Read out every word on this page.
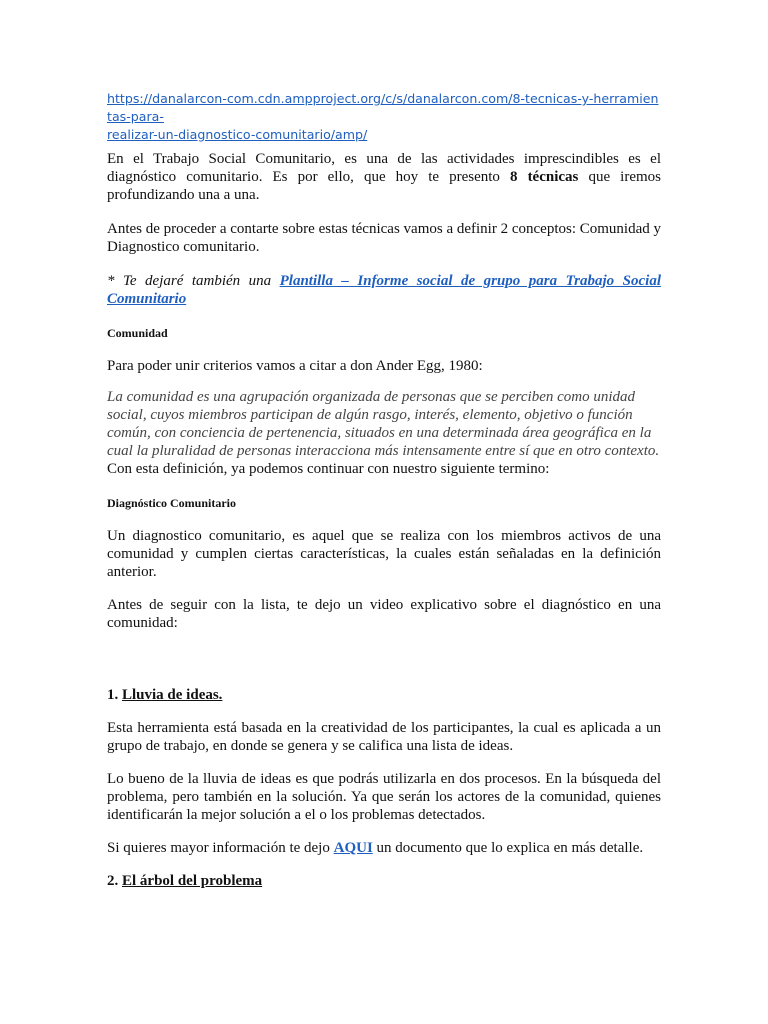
https://danalarcon-com.cdn.ampproject.org/c/s/danalarcon.com/8-tecnicas-y-herramientas-para-
realizar-un-diagnostico-comunitario/amp/

En el Trabajo Social Comunitario, es una de las actividades imprescindibles es el diagnóstico comunitario. Es por ello, que hoy te presento 8 técnicas que iremos profundizando una a una.

Antes de proceder a contarte sobre estas técnicas vamos a definir 2 conceptos: Comunidad y Diagnostico comunitario.

* Te dejaré también una Plantilla – Informe social de grupo para Trabajo Social Comunitario

Comunidad

Para poder unir criterios vamos a citar a don Ander Egg, 1980:

La comunidad es una agrupación organizada de personas que se perciben como unidad social, cuyos miembros participan de algún rasgo, interés, elemento, objetivo o función común, con conciencia de pertenencia, situados en una determinada área geográfica en la cual la pluralidad de personas interacciona más intensamente entre sí que en otro contexto.

Con esta definición, ya podemos continuar con nuestro siguiente termino:

Diagnóstico Comunitario

Un diagnostico comunitario, es aquel que se realiza con los miembros activos de una comunidad y cumplen ciertas características, la cuales están señaladas en la definición anterior.

Antes de seguir con la lista, te dejo un video explicativo sobre el diagnóstico en una comunidad:

1. Lluvia de ideas.

Esta herramienta está basada en la creatividad de los participantes, la cual es aplicada a un grupo de trabajo, en donde se genera y se califica una lista de ideas.

Lo bueno de la lluvia de ideas es que podrás utilizarla en dos procesos. En la búsqueda del problema, pero también en la solución. Ya que serán los actores de la comunidad, quienes identificarán la mejor solución a el o los problemas detectados.

Si quieres mayor información te dejo AQUI un documento que lo explica en más detalle.

2. El árbol del problema
